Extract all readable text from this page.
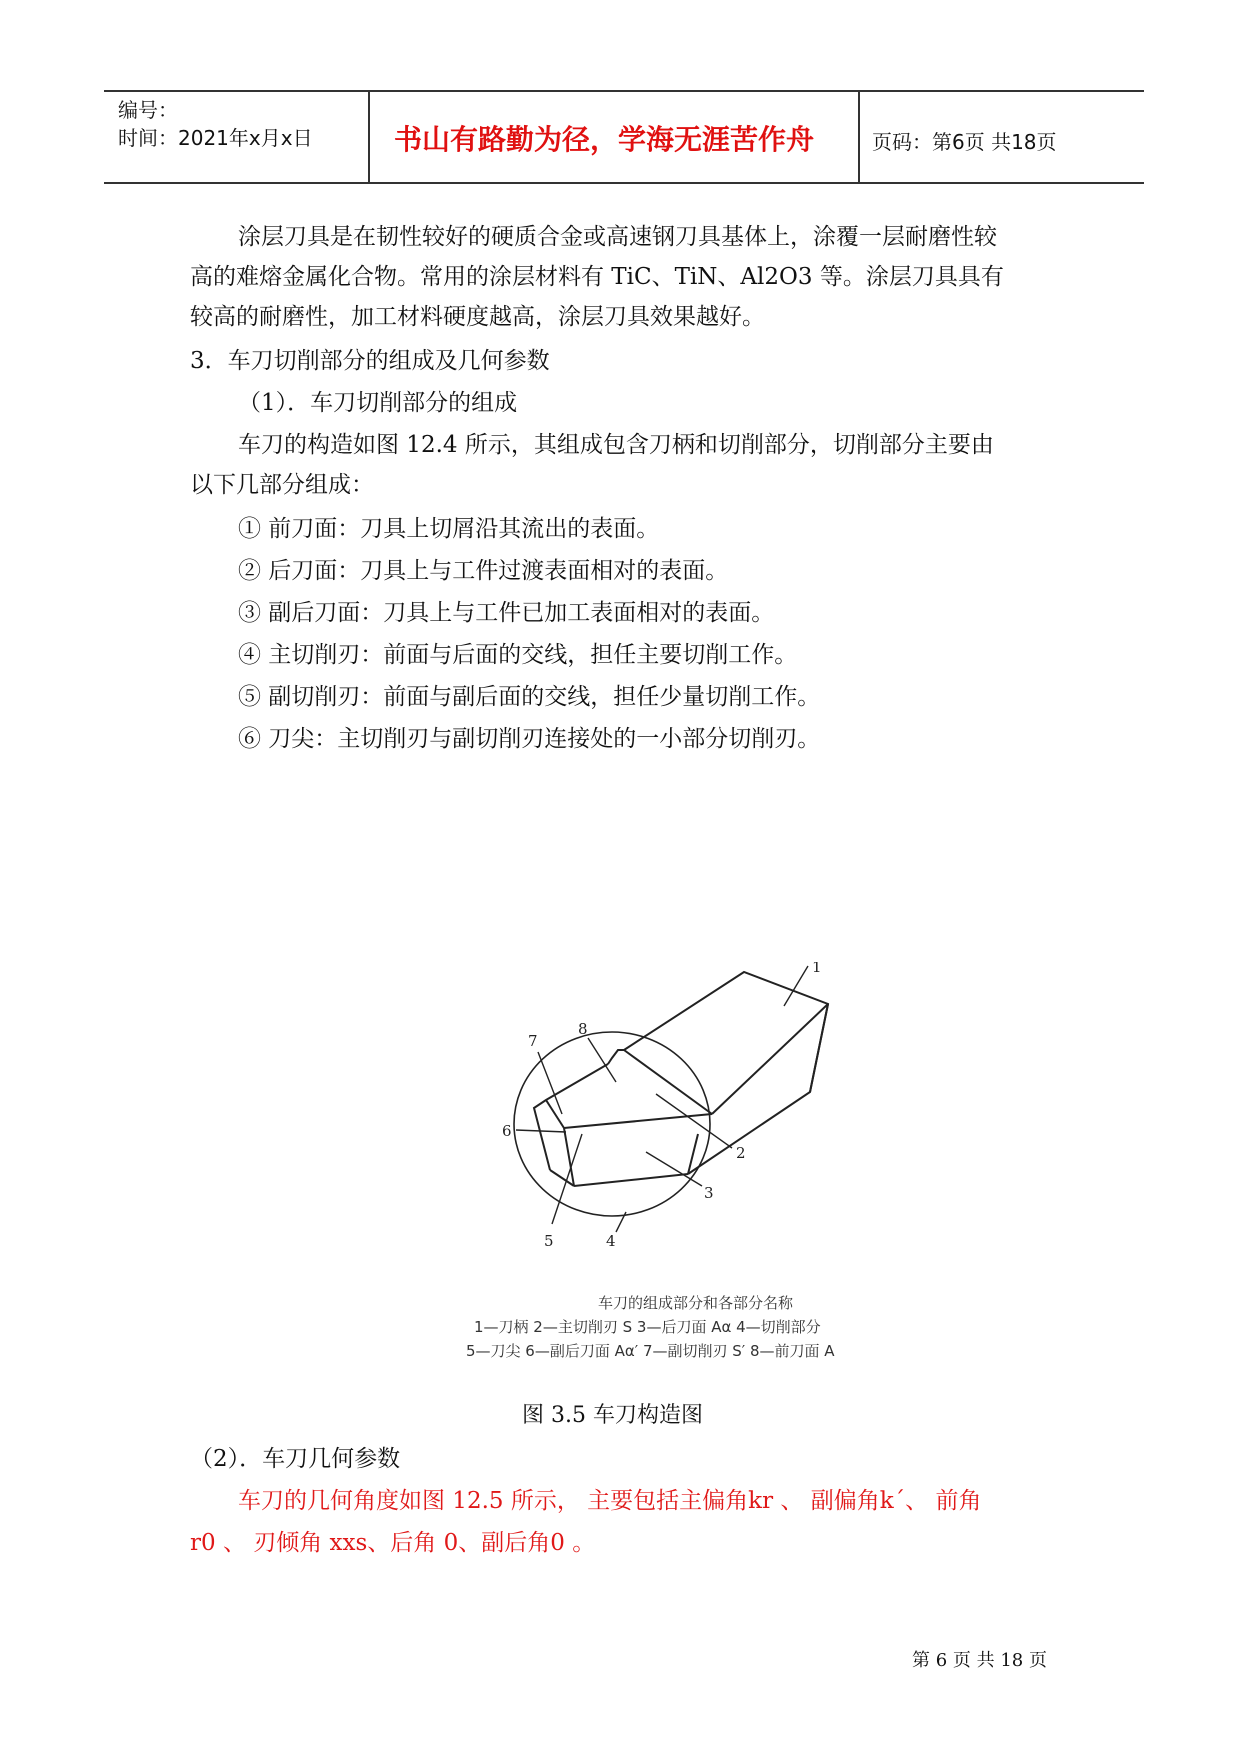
编号：
时间：2021年x月x日	书山有路勤为径，学海无涯苦作舟	页码：第6页 共18页
涂层刀具是在韧性较好的硬质合金或高速钢刀具基体上，涂覆一层耐磨性较
高的难熔金属化合物。常用的涂层材料有 TiC、TiN、Al2O3 等。涂层刀具具有
较高的耐磨性，加工材料硬度越高，涂层刀具效果越好。
3．车刀切削部分的组成及几何参数
（1）．车刀切削部分的组成
车刀的构造如图 12.4 所示，其组成包含刀柄和切削部分，切削部分主要由
以下几部分组成：
① 前刀面：刀具上切屑沿其流出的表面。
② 后刀面：刀具上与工件过渡表面相对的表面。
③ 副后刀面：刀具上与工件已加工表面相对的表面。
④ 主切削刃：前面与后面的交线，担任主要切削工作。
⑤ 副切削刃：前面与副后面的交线，担任少量切削工作。
⑥ 刀尖：主切削刃与副切削刃连接处的一小部分切削刃。
1
2
3
4
5
6
7
8
车刀的组成部分和各部分名称
1—刀柄 2—主切削刃 S 3—后刀面 Aα 4—切削部分
5—刀尖 6—副后刀面 Aα′ 7—副切削刃 S′ 8—前刀面 A
图 3.5 车刀构造图
（2）．车刀几何参数
车刀的几何角度如图 12.5 所示， 主要包括主偏角kr 、 副偏角k΄、 前角
r0 、 刃倾角 xxs、后角 0、副后角0 。
第 6 页 共 18 页
